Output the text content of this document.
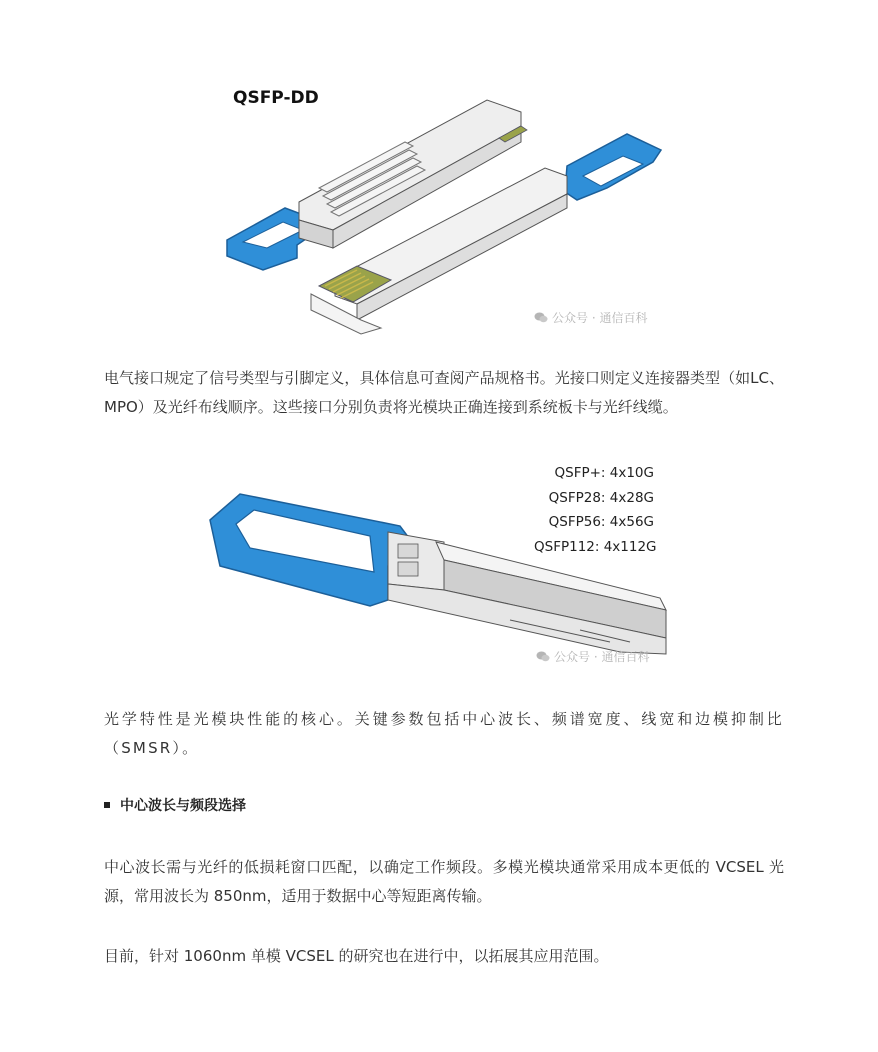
QSFP-DD
公众号 · 通信百科
电气接口规定了信号类型与引脚定义，具体信息可查阅产品规格书。光接口则定义连接器类型（如LC、MPO）及光纤布线顺序。这些接口分别负责将光模块正确连接到系统板卡与光纤线缆。
QSFP+: 4x10G
QSFP28: 4x28G
QSFP56: 4x56G
QSFP112: 4x112G
公众号 · 通信百科
光学特性是光模块性能的核心。关键参数包括中心波长、频谱宽度、线宽和边模抑制比（SMSR）。
中心波长与频段选择
中心波长需与光纤的低损耗窗口匹配，以确定工作频段。多模光模块通常采用成本更低的 VCSEL 光源，常用波长为 850nm，适用于数据中心等短距离传输。
目前，针对 1060nm 单模 VCSEL 的研究也在进行中，以拓展其应用范围。
